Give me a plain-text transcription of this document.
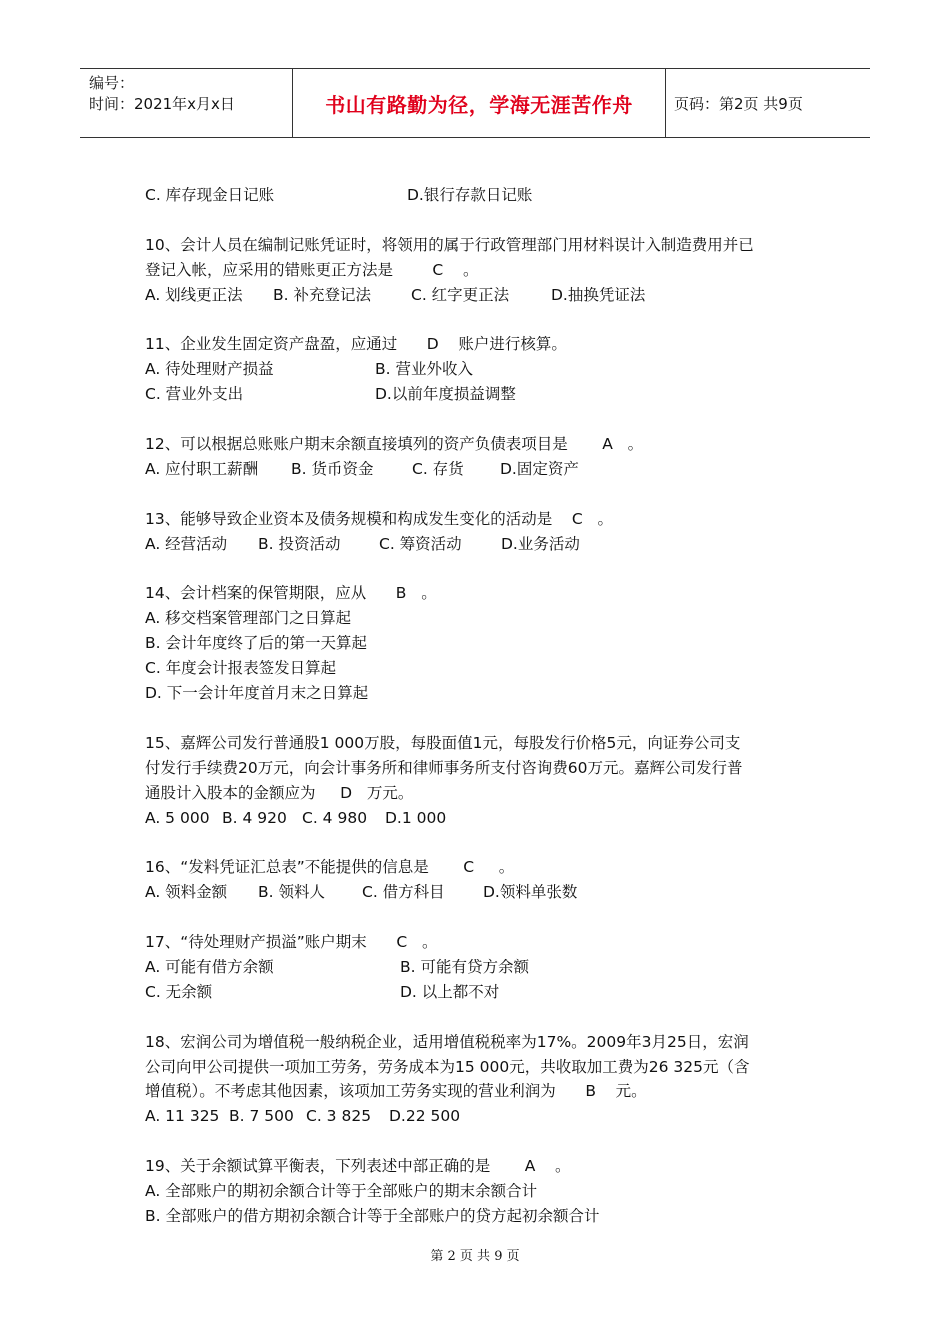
编号：
时间：2021年x月x日	书山有路勤为径，学海无涯苦作舟	页码：第2页 共9页
C. 库存现金日记账	D.银行存款日记账
10、会计人员在编制记账凭证时，将领用的属于行政管理部门用材料误计入制造费用并已
登记入帐，应采用的错账更正方法是        C    。
A. 划线更正法	B. 补充登记法	C. 红字更正法	D.抽换凭证法
11、企业发生固定资产盘盈，应通过      D    账户进行核算。
A. 待处理财产损益	B. 营业外收入
C. 营业外支出	D.以前年度损益调整
12、可以根据总账账户期末余额直接填列的资产负债表项目是       A   。
A. 应付职工薪酬	B. 货币资金	C. 存货	D.固定资产
13、能够导致企业资本及债务规模和构成发生变化的活动是    C   。
A. 经营活动	B. 投资活动	C. 筹资活动	D.业务活动
14、会计档案的保管期限，应从      B   。
A. 移交档案管理部门之日算起
B. 会计年度终了后的第一天算起
C. 年度会计报表签发日算起
D. 下一会计年度首月末之日算起
15、嘉辉公司发行普通股1 000万股，每股面值1元，每股发行价格5元，向证券公司支
付发行手续费20万元，向会计事务所和律师事务所支付咨询费60万元。嘉辉公司发行普
通股计入股本的金额应为     D   万元。
A. 5 000 B. 4 920 C. 4 980	D.1 000
16、“发料凭证汇总表”不能提供的信息是       C     。
A. 领料金额	B. 领料人	C. 借方科目	D.领料单张数
17、“待处理财产损溢”账户期末      C   。
A. 可能有借方余额	B. 可能有贷方余额
C. 无余额	D. 以上都不对
18、宏润公司为增值税一般纳税企业，适用增值税税率为17%。2009年3月25日，宏润
公司向甲公司提供一项加工劳务，劳务成本为15 000元，共收取加工费为26 325元（含
增值税）。不考虑其他因素，该项加工劳务实现的营业利润为      B    元。
A. 11 325 B. 7 500 C. 3 825	D.22 500
19、关于余额试算平衡表，下列表述中部正确的是       A    。
A. 全部账户的期初余额合计等于全部账户的期末余额合计
B. 全部账户的借方期初余额合计等于全部账户的贷方起初余额合计
第 2 页 共 9 页
